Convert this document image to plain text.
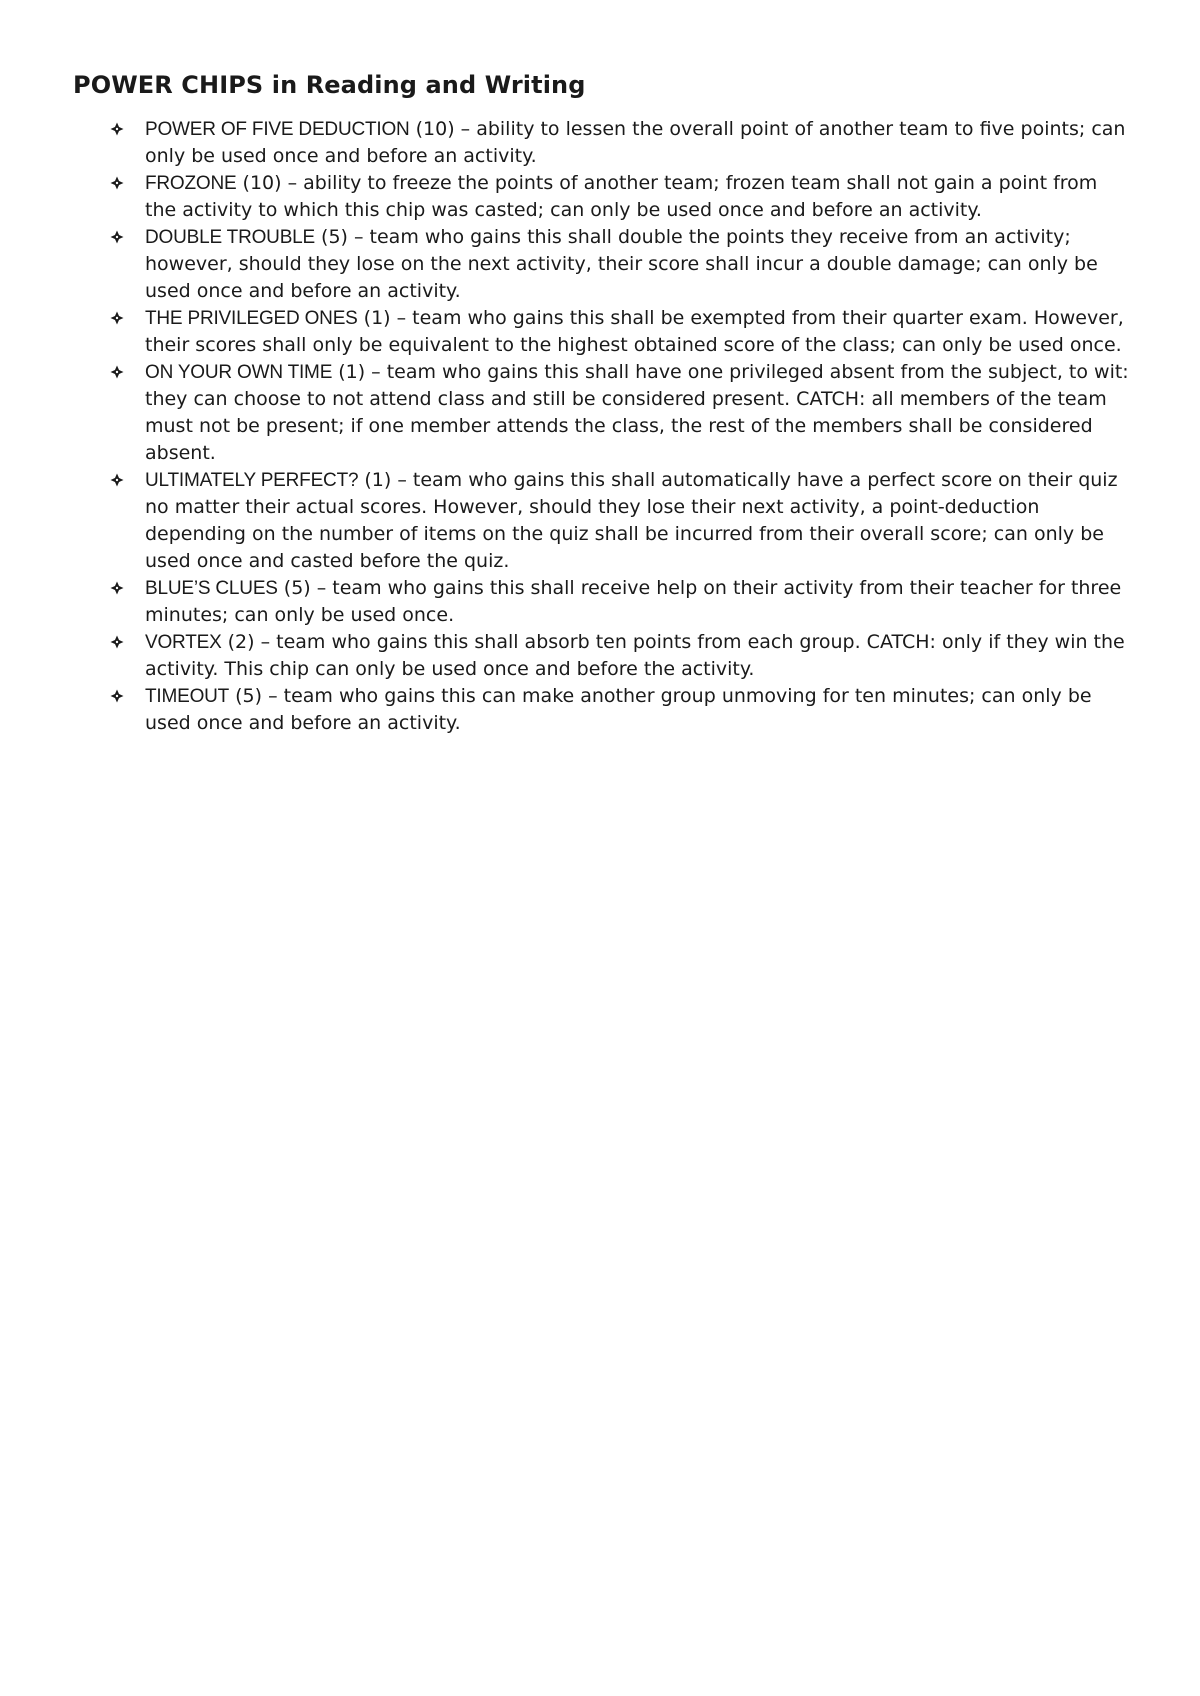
POWER CHIPS in Reading and Writing
POWER OF FIVE DEDUCTION (10) – ability to lessen the overall point of another team to five points; can only be used once and before an activity.
FROZONE (10) – ability to freeze the points of another team; frozen team shall not gain a point from the activity to which this chip was casted; can only be used once and before an activity.
DOUBLE TROUBLE (5) – team who gains this shall double the points they receive from an activity; however, should they lose on the next activity, their score shall incur a double damage; can only be used once and before an activity.
THE PRIVILEGED ONES (1) – team who gains this shall be exempted from their quarter exam. However, their scores shall only be equivalent to the highest obtained score of the class; can only be used once.
ON YOUR OWN TIME (1) – team who gains this shall have one privileged absent from the subject, to wit: they can choose to not attend class and still be considered present. CATCH: all members of the team must not be present; if one member attends the class, the rest of the members shall be considered absent.
ULTIMATELY PERFECT? (1) – team who gains this shall automatically have a perfect score on their quiz no matter their actual scores. However, should they lose their next activity, a point-deduction depending on the number of items on the quiz shall be incurred from their overall score; can only be used once and casted before the quiz.
BLUE’S CLUES (5) – team who gains this shall receive help on their activity from their teacher for three minutes; can only be used once.
VORTEX (2) – team who gains this shall absorb ten points from each group. CATCH: only if they win the activity. This chip can only be used once and before the activity.
TIMEOUT (5) – team who gains this can make another group unmoving for ten minutes; can only be used once and before an activity.
